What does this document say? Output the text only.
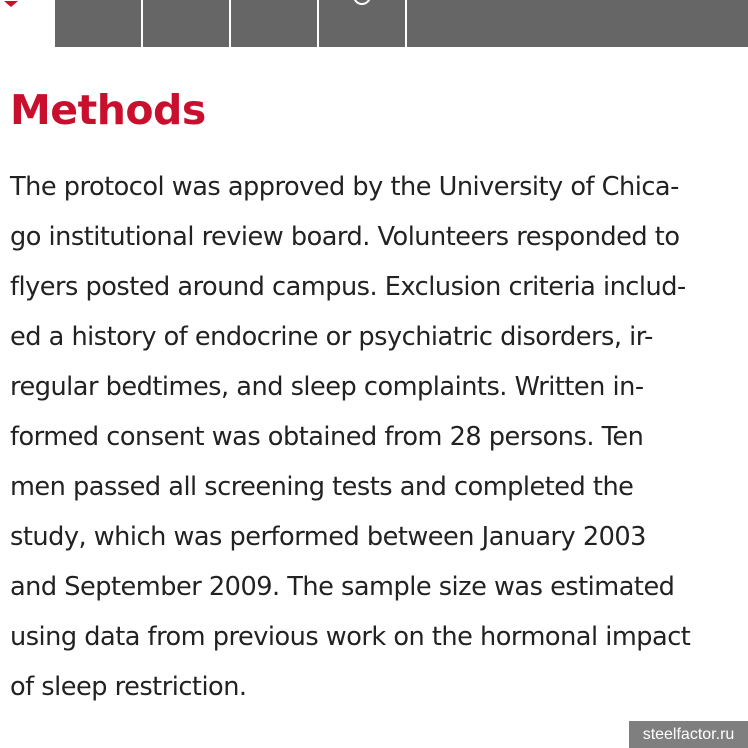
Methods

The protocol was approved by the University of Chica-
go institutional review board. Volunteers responded to
flyers posted around campus. Exclusion criteria includ-
ed a history of endocrine or psychiatric disorders, ir-
regular bedtimes, and sleep complaints. Written in-
formed consent was obtained from 28 persons. Ten
men passed all screening tests and completed the
study, which was performed between January 2003
and September 2009. The sample size was estimated
using data from previous work on the hormonal impact
of sleep restriction.

steelfactor.ru
